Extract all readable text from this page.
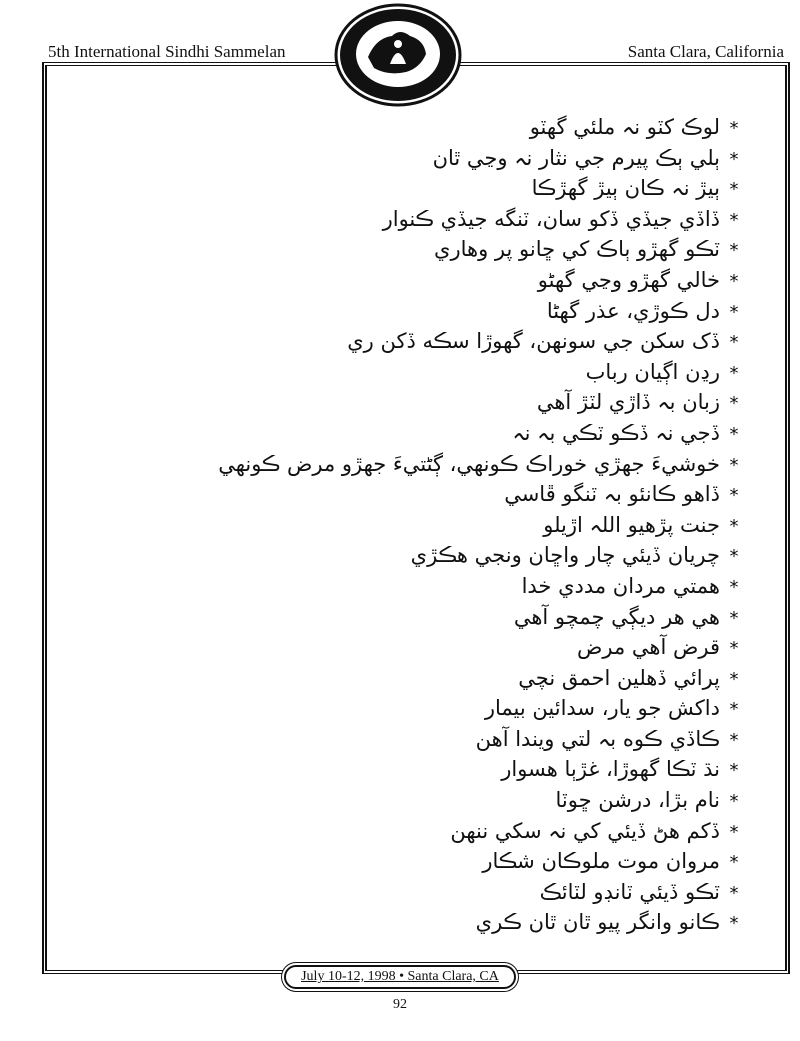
5th International Sindhi Sammelan	Santa Clara, California
*لوڪ کٽو نہ ملئي گھٽو
*ٻلي ٻڪ پيرم جي نثار نہ وڃي ٿان
*ٻيڙ نہ ڪان ٻيڙ گھڙڪا
*ڏاڏي جيڏي ڏکو سان، ٽنگه جيڏي ڪنوار
*ٽڪو گھڙو ٻاڪ کي ڇانو پر وهاري
*خالي گھڙو وڃي گھڻو
*دل ڪوڙي، عذر گھڻا
*ڏک سکن جي سونهن، گھوڙا سڪه ڏکن ري
*رڍن اڳيان رباب
*زبان بہ ڏاڙي لٽڙ آهي
*ڏجي نہ ڏڪو ٽڪي بہ نہ
*خوشيءَ جهڙي خوراڪ ڪونهي، ڳڻتيءَ جهڙو مرض ڪونهي
*ڏاهو ڪانئو بہ ٽنگو ڦاسي
*جنت پڙهيو اللہ اڙيلو
*چريان ڏيئي چار واڇان ونجي هڪڙي
*همتي مردان مددي خدا
*هي هر ديڳي چمچو آهي
*قرض آهي مرض
*پرائي ڏهلين احمق نچي
*داکش جو يار، سدائين بيمار
*ڪاڏي ڪوه بہ لتي ويندا آهن
*نڌ ٽڪا گھوڙا، غڙٻا هسوار
*نام بڙا، درشن ڇوٽا
*ڏکم هڻ ڏيئي کي نہ سکي ننهن
*مروان موت ملوڪان شڪار
*ٽڪو ڏيئي ٽانڊو لٽائڪ
*ڪانو وانگر پيو ٿان ٿان ڪري
July 10-12, 1998 • Santa Clara, CA
92
